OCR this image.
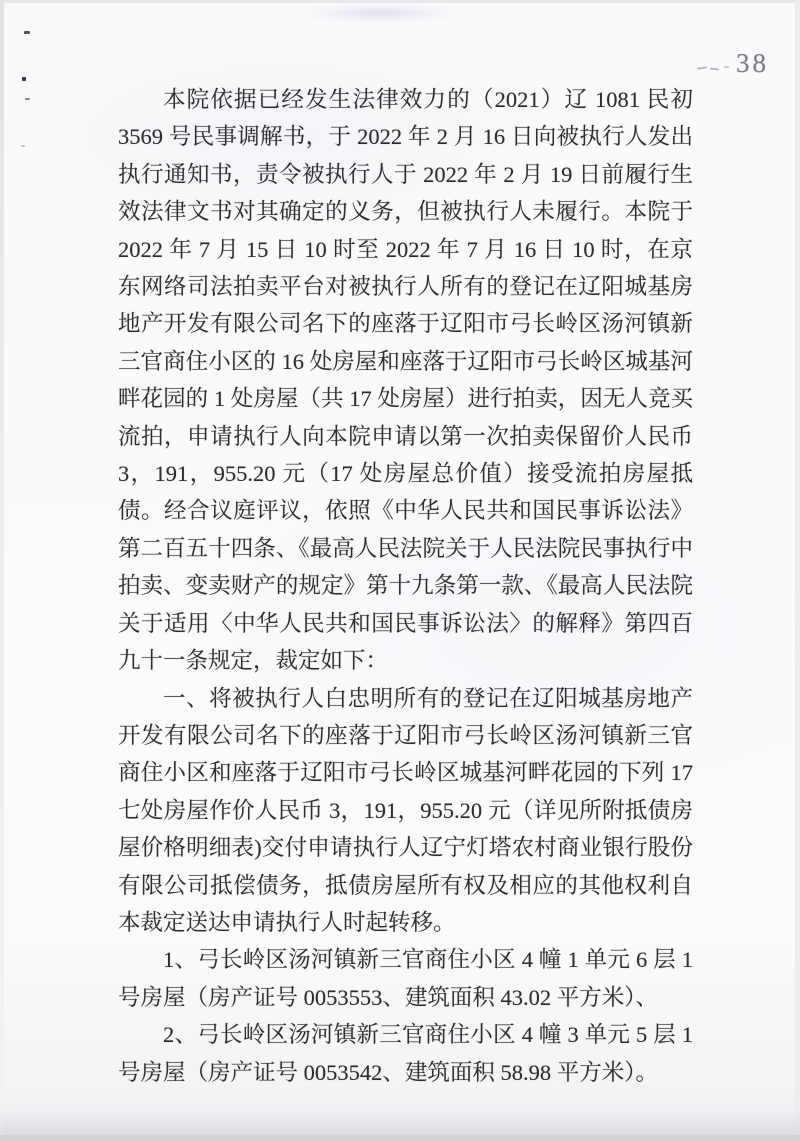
38

本院依据已经发生法律效力的（2021）辽 1081 民初 3569 号民事调解书，于 2022 年 2 月 16 日向被执行人发出执行通知书，责令被执行人于 2022 年 2 月 19 日前履行生效法律文书对其确定的义务，但被执行人未履行。本院于 2022 年 7 月 15 日 10 时至 2022 年 7 月 16 日 10 时，在京东网络司法拍卖平台对被执行人所有的登记在辽阳城基房地产开发有限公司名下的座落于辽阳市弓长岭区汤河镇新三官商住小区的 16 处房屋和座落于辽阳市弓长岭区城基河畔花园的 1 处房屋（共 17 处房屋）进行拍卖，因无人竞买流拍，申请执行人向本院申请以第一次拍卖保留价人民币 3，191，955.20 元（17 处房屋总价值）接受流拍房屋抵债。经合议庭评议，依照《中华人民共和国民事诉讼法》第二百五十四条、《最高人民法院关于人民法院民事执行中拍卖、变卖财产的规定》第十九条第一款、《最高人民法院关于适用〈中华人民共和国民事诉讼法〉的解释》第四百九十一条规定，裁定如下：

一、将被执行人白忠明所有的登记在辽阳城基房地产开发有限公司名下的座落于辽阳市弓长岭区汤河镇新三官商住小区和座落于辽阳市弓长岭区城基河畔花园的下列 17 七处房屋作价人民币 3，191，955.20 元（详见所附抵债房屋价格明细表)交付申请执行人辽宁灯塔农村商业银行股份有限公司抵偿债务，抵债房屋所有权及相应的其他权利自本裁定送达申请执行人时起转移。

1、弓长岭区汤河镇新三官商住小区 4 幢 1 单元 6 层 1 号房屋（房产证号 0053553、建筑面积 43.02 平方米）、

2、弓长岭区汤河镇新三官商住小区 4 幢 3 单元 5 层 1 号房屋（房产证号 0053542、建筑面积 58.98 平方米）。
